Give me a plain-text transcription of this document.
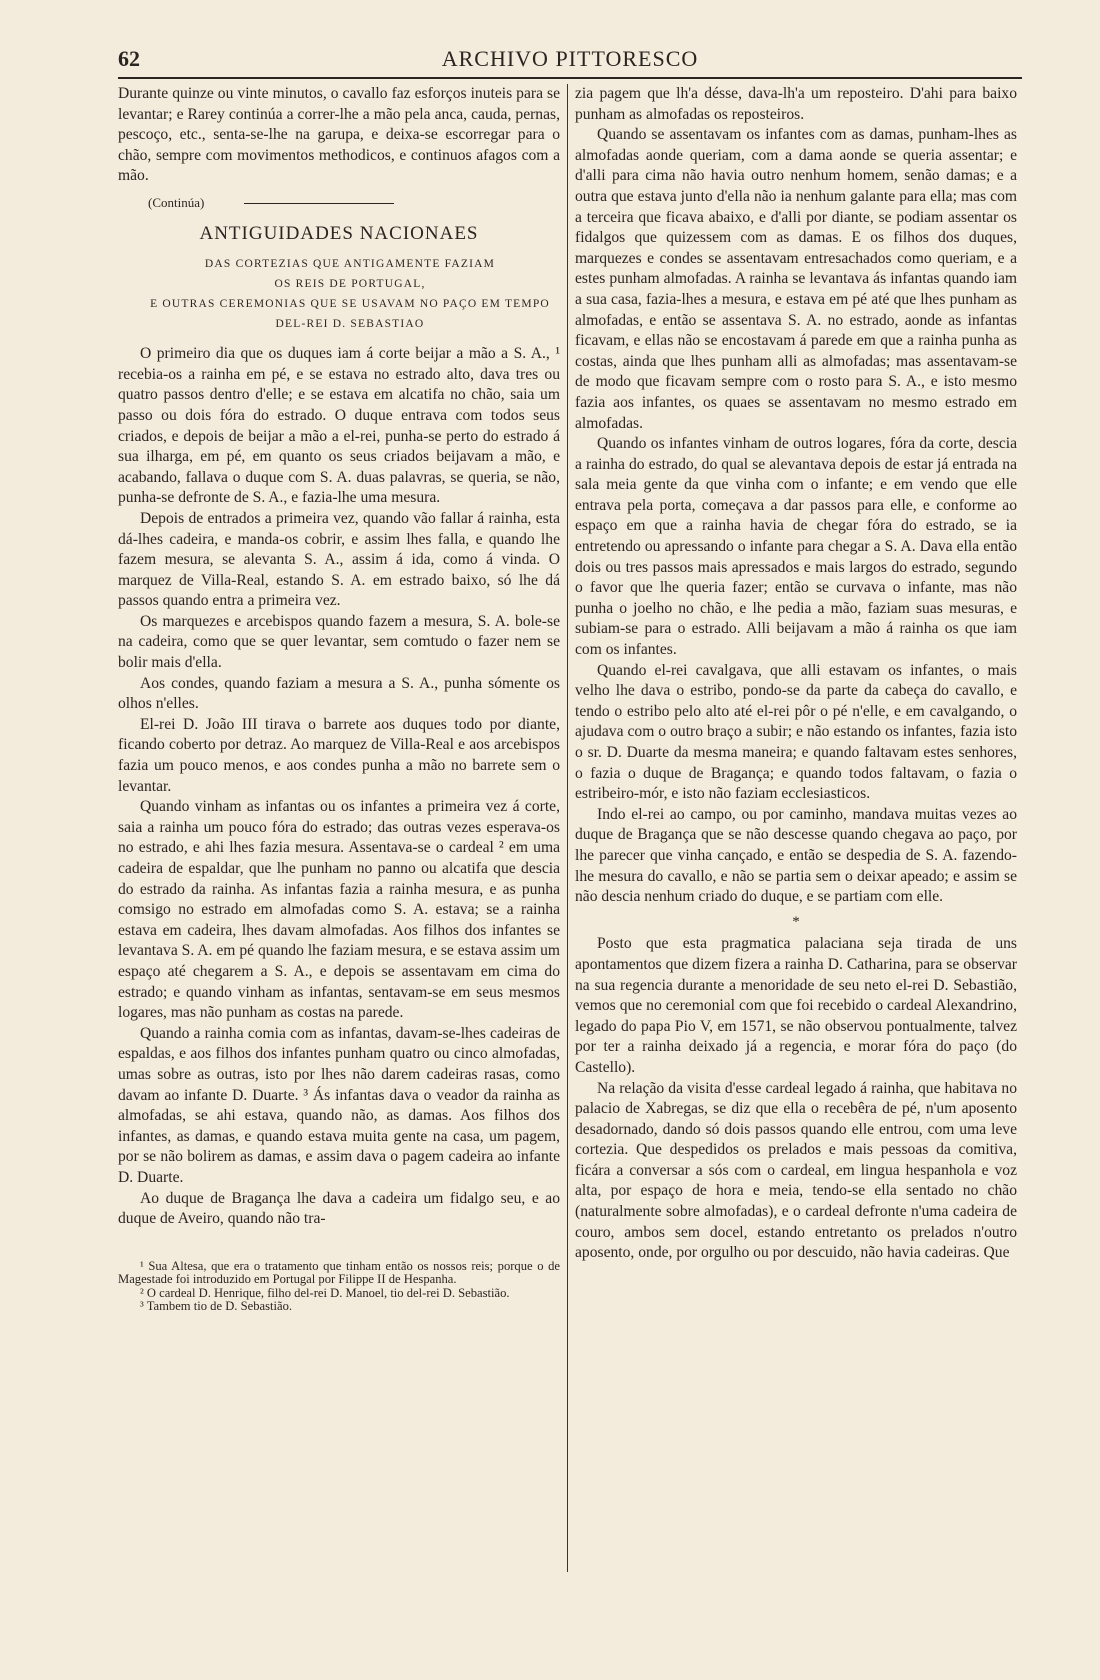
62	ARCHIVO PITTORESCO

Durante quinze ou vinte minutos, o cavallo faz esforços inuteis para se levantar; e Rarey continúa a correr-lhe a mão pela anca, cauda, pernas, pescoço, etc., senta-se-lhe na garupa, e deixa-se escorregar para o chão, sempre com movimentos methodicos, e continuos afagos com a mão.

(Continúa)
ANTIGUIDADES NACIONAES

DAS CORTEZIAS QUE ANTIGAMENTE FAZIAM

OS REIS DE PORTUGAL,

E OUTRAS CEREMONIAS QUE SE USAVAM NO PAÇO EM TEMPO

DEL-REI D. SEBASTIAO

O primeiro dia que os duques iam á corte beijar a mão a S. A., ¹ recebia-os a rainha em pé, e se estava no estrado alto, dava tres ou quatro passos dentro d'elle; e se estava em alcatifa no chão, saia um passo ou dois fóra do estrado. O duque entrava com todos seus criados, e depois de beijar a mão a el-rei, punha-se perto do estrado á sua ilharga, em pé, em quanto os seus criados beijavam a mão, e acabando, fallava o duque com S. A. duas palavras, se queria, se não, punha-se defronte de S. A., e fazia-lhe uma mesura.

Depois de entrados a primeira vez, quando vão fallar á rainha, esta dá-lhes cadeira, e manda-os cobrir, e assim lhes falla, e quando lhe fazem mesura, se alevanta S. A., assim á ida, como á vinda. O marquez de Villa-Real, estando S. A. em estrado baixo, só lhe dá passos quando entra a primeira vez.

Os marquezes e arcebispos quando fazem a mesura, S. A. bole-se na cadeira, como que se quer levantar, sem comtudo o fazer nem se bolir mais d'ella.

Aos condes, quando faziam a mesura a S. A., punha sómente os olhos n'elles.

El-rei D. João III tirava o barrete aos duques todo por diante, ficando coberto por detraz. Ao marquez de Villa-Real e aos arcebispos fazia um pouco menos, e aos condes punha a mão no barrete sem o levantar.

Quando vinham as infantas ou os infantes a primeira vez á corte, saia a rainha um pouco fóra do estrado; das outras vezes esperava-os no estrado, e ahi lhes fazia mesura. Assentava-se o cardeal ² em uma cadeira de espaldar, que lhe punham no panno ou alcatifa que descia do estrado da rainha. As infantas fazia a rainha mesura, e as punha comsigo no estrado em almofadas como S. A. estava; se a rainha estava em cadeira, lhes davam almofadas. Aos filhos dos infantes se levantava S. A. em pé quando lhe faziam mesura, e se estava assim um espaço até chegarem a S. A., e depois se assentavam em cima do estrado; e quando vinham as infantas, sentavam-se em seus mesmos logares, mas não punham as costas na parede.

Quando a rainha comia com as infantas, davam-se-lhes cadeiras de espaldas, e aos filhos dos infantes punham quatro ou cinco almofadas, umas sobre as outras, isto por lhes não darem cadeiras rasas, como davam ao infante D. Duarte. ³ Ás infantas dava o veador da rainha as almofadas, se ahi estava, quando não, as damas. Aos filhos dos infantes, as damas, e quando estava muita gente na casa, um pagem, por se não bolirem as damas, e assim dava o pagem cadeira ao infante D. Duarte.

Ao duque de Bragança lhe dava a cadeira um fidalgo seu, e ao duque de Aveiro, quando não tra-

¹ Sua Altesa, que era o tratamento que tinham então os nossos reis; porque o de Magestade foi introduzido em Portugal por Filippe II de Hespanha.

² O cardeal D. Henrique, filho del-rei D. Manoel, tio del-rei D. Sebastião.

³ Tambem tio de D. Sebastião.

zia pagem que lh'a désse, dava-lh'a um reposteiro. D'ahi para baixo punham as almofadas os reposteiros.

Quando se assentavam os infantes com as damas, punham-lhes as almofadas aonde queriam, com a dama aonde se queria assentar; e d'alli para cima não havia outro nenhum homem, senão damas; e a outra que estava junto d'ella não ia nenhum galante para ella; mas com a terceira que ficava abaixo, e d'alli por diante, se podiam assentar os fidalgos que quizessem com as damas. E os filhos dos duques, marquezes e condes se assentavam entresachados como queriam, e a estes punham almofadas. A rainha se levantava ás infantas quando iam a sua casa, fazia-lhes a mesura, e estava em pé até que lhes punham as almofadas, e então se assentava S. A. no estrado, aonde as infantas ficavam, e ellas não se encostavam á parede em que a rainha punha as costas, ainda que lhes punham alli as almofadas; mas assentavam-se de modo que ficavam sempre com o rosto para S. A., e isto mesmo fazia aos infantes, os quaes se assentavam no mesmo estrado em almofadas.

Quando os infantes vinham de outros logares, fóra da corte, descia a rainha do estrado, do qual se alevantava depois de estar já entrada na sala meia gente da que vinha com o infante; e em vendo que elle entrava pela porta, começava a dar passos para elle, e conforme ao espaço em que a rainha havia de chegar fóra do estrado, se ia entretendo ou apressando o infante para chegar a S. A. Dava ella então dois ou tres passos mais apressados e mais largos do estrado, segundo o favor que lhe queria fazer; então se curvava o infante, mas não punha o joelho no chão, e lhe pedia a mão, faziam suas mesuras, e subiam-se para o estrado. Alli beijavam a mão á rainha os que iam com os infantes.

Quando el-rei cavalgava, que alli estavam os infantes, o mais velho lhe dava o estribo, pondo-se da parte da cabeça do cavallo, e tendo o estribo pelo alto até el-rei pôr o pé n'elle, e em cavalgando, o ajudava com o outro braço a subir; e não estando os infantes, fazia isto o sr. D. Duarte da mesma maneira; e quando faltavam estes senhores, o fazia o duque de Bragança; e quando todos faltavam, o fazia o estribeiro-mór, e isto não faziam ecclesiasticos.

Indo el-rei ao campo, ou por caminho, mandava muitas vezes ao duque de Bragança que se não descesse quando chegava ao paço, por lhe parecer que vinha cançado, e então se despedia de S. A. fazendo-lhe mesura do cavallo, e não se partia sem o deixar apeado; e assim se não descia nenhum criado do duque, e se partiam com elle.

*

Posto que esta pragmatica palaciana seja tirada de uns apontamentos que dizem fizera a rainha D. Catharina, para se observar na sua regencia durante a menoridade de seu neto el-rei D. Sebastião, vemos que no ceremonial com que foi recebido o cardeal Alexandrino, legado do papa Pio V, em 1571, se não observou pontualmente, talvez por ter a rainha deixado já a regencia, e morar fóra do paço (do Castello).

Na relação da visita d'esse cardeal legado á rainha, que habitava no palacio de Xabregas, se diz que ella o recebêra de pé, n'um aposento desadornado, dando só dois passos quando elle entrou, com uma leve cortezia. Que despedidos os prelados e mais pessoas da comitiva, ficára a conversar a sós com o cardeal, em lingua hespanhola e voz alta, por espaço de hora e meia, tendo-se ella sentado no chão (naturalmente sobre almofadas), e o cardeal defronte n'uma cadeira de couro, ambos sem docel, estando entretanto os prelados n'outro aposento, onde, por orgulho ou por descuido, não havia cadeiras. Que
